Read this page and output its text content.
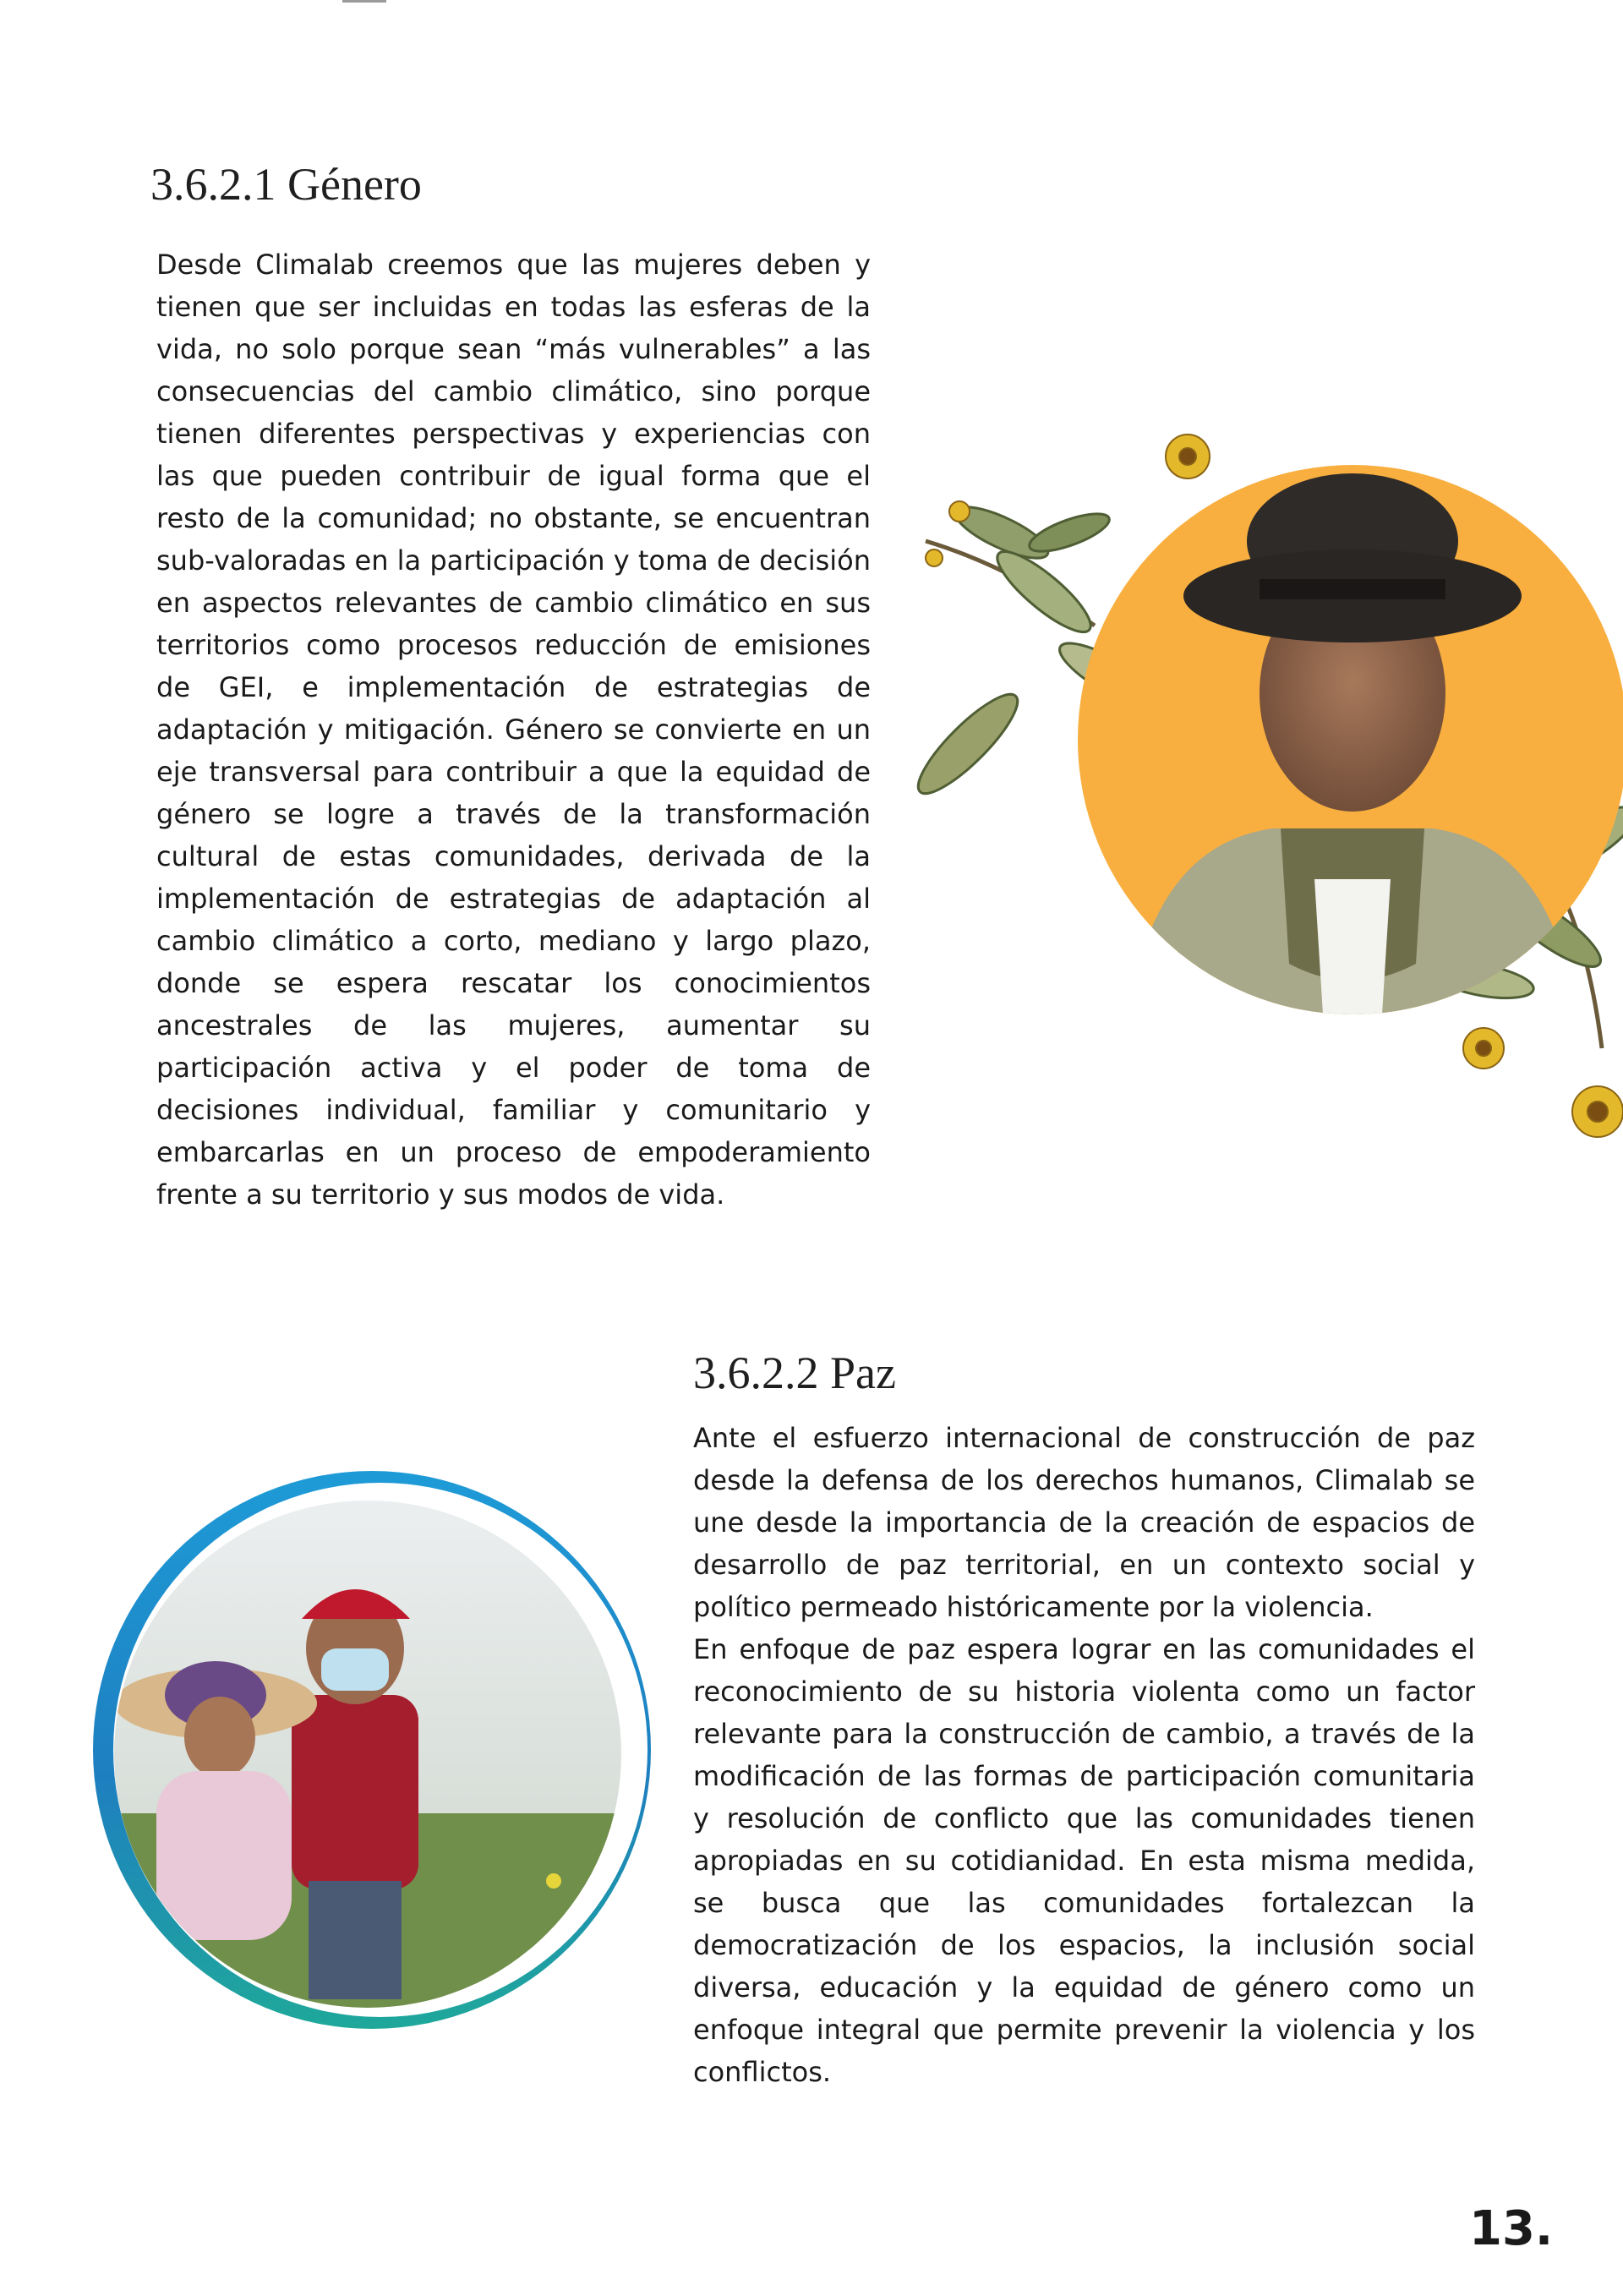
3.6.2.1 Género

Desde Climalab creemos que las mujeres deben y tienen que ser incluidas en todas las esferas de la vida, no solo porque sean “más vulnerables” a las consecuencias del cambio climático, sino porque tienen diferentes perspectivas y experiencias con las que pueden contribuir de igual forma que el resto de la comunidad; no obstante, se encuentran sub-valoradas en la participación y toma de decisión en aspectos relevantes de cambio climático en sus territorios como procesos reducción de emisiones de GEI, e implementación de estrategias de adaptación y mitigación. Género se convierte en un eje transversal para contribuir a que la equidad de género se logre a través de la transformación cultural de estas comunidades, derivada de la implementación de estrategias de adaptación al cambio climático a corto, mediano y largo plazo, donde se espera rescatar los conocimientos ancestrales de las mujeres, aumentar su participación activa y el poder de toma de decisiones individual, familiar y comunitario y embarcarlas en un proceso de empoderamiento frente a su territorio y sus modos de vida.

3.6.2.2 Paz

Ante el esfuerzo internacional de construcción de paz desde la defensa de los derechos humanos, Climalab se une desde la importancia de la creación de espacios de desarrollo de paz territorial, en un contexto social y político permeado históricamente por la violencia.

En enfoque de paz espera lograr en las comunidades el reconocimiento de su historia violenta como un factor relevante para la construcción de cambio, a través de la modificación de las formas de participación comunitaria y resolución de conflicto que las comunidades tienen apropiadas en su cotidianidad. En esta misma medida, se busca que las comunidades fortalezcan la democratización de los espacios, la inclusión social diversa, educación y la equidad de género como un enfoque integral que permite prevenir la violencia y los conflictos.

13.
